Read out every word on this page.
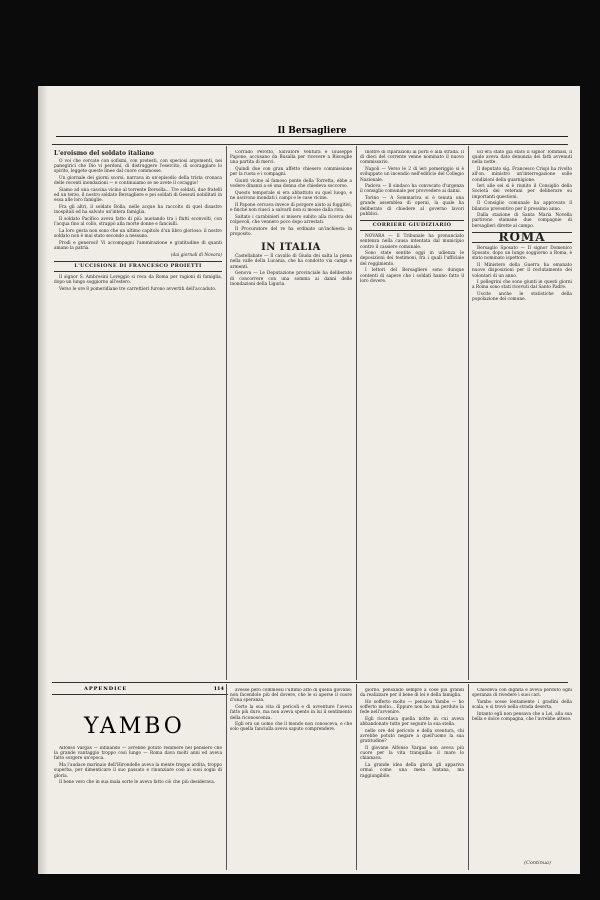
Il Bersagliere
L'eroismo del soldato italiano

O voi che cercate con sofismi, con pretesti, con speciosi argomenti, nei panegirici che Dio vi perdoni, di distruggere l'esercito, di scoraggiare lo spirito, leggete queste linee dal cuore commosse.

Un giornale dei giorni scorsi, narrava in un'episodio della trista cronaca delle recenti inondazioni — e continuiamo se ne avete il coraggio!

Siamo ad una cascina vicino al torrente Borsolla... Tre soldati, due fratelli ed un terzo, il nostro soldato Bersagliere e pei soldati di Gessuti nobilitati in essa alle loro famiglie.

Fra gli altri, il soldato Bolla, nelle acque ha raccolto di quel disastro inospitali ed ha salvato un'intera famiglia.

Il soldato Pacifico aveva fatto di più: nuotando tra i flutti sconvolti, con l'acqua fino al collo, strappò alla morte donne e fanciulli.

La loro gesta non sono che un ultimo capitolo d'un libro glorioso: il nostro soldato non è mai stato secondo a nessuno.

Prodi e generosi! Vi accompagni l'ammirazione e gratitudine di quanti amano la patria.

(dai giornali di Novara)
L'UCCISIONE DI FRANCESCO PROIETTI

Il signor S. Ambrosini Loreggio si reca da Roma per ragioni di famiglia, dopo un lungo soggiorno all'estero.

Verso le ore 8 pomeridiane tre carrettieri furono avvertiti dell'accaduto.

Corrado Perotto, Salvatore Ventura e Giuseppe Papone, accusano da Busalla per ricevere a Bisceglie una partita di merci.

Quindi due con gran affetto chiesero commissione per la ruota e i compagni.

Giunti vicino al famoso ponte della Torretta, ebbe a vedere dinanzi a sé una donna che chiedeva soccorso.

Questo temporale si era abbattuto su quel luogo, e ne uscirono inondati i campi e le case vicine.

Il Papone cercava invece di porgere aiuto ai fuggitivi, e finché non riuscì a salvarli non si mosse dalla riva.

Saltato i carabinieri si misero subito alla ricerca dei colpevoli, che vennero poco dopo arrestati.

Il Procuratore del re ha ordinato un'inchiesta in proposito.

IN ITALIA

Castellabate — Il cavallo di Giuda dei salta la piena nella valle della Lucania, che ha condotto via campi e armenti.

Genova — Le Deputazione provinciale ha deliberato di concorrere con una somma ai danni delle inondazioni della Liguria.

Inoltre di riparazioni ai porti e alla strada. Il dì dieci del corrente venne nominato il nuovo commissario.

Napoli — Verso le 2 di ieri pomeriggio si è sviluppato un incendio nell'edificio del Collegio Nazionale.

Padova — Il sindaco ha convocato d'urgenza il consiglio comunale per provvedere ai danni.

Torino — A Sommariva si è tenuta una grande assemblea di operai, la quale ha deliberato di chiedere al governo lavori pubblici.

CORRIERE GIUDIZIARIO

NOVARA — Il Tribunale ha pronunciato sentenza nella causa intentata dal municipio contro il cassiere comunale.

Sono state sentite oggi in udienza le deposizioni dei testimoni, fra i quali l'ufficiale del reggimento.

I lettori del Bersagliere sono dunque contenti di sapere che i soldati hanno fatto il loro dovere.

Ed era stato già stato il signor Tommasi, il quale aveva dato denunzia dei fatti avvenuti nella notte.

Il deputato sig. Francesco Crispi ha rivolto all'on. ministro un'interrogazione sulle condizioni della guarnigione.

Ieri alle sei si è riunito il Consiglio della Società dei veterani per deliberare su importanti questioni.

Il Consiglio comunale ha approvato il bilancio preventivo per il prossimo anno.

Dalla stazione di Santa Maria Novella partirono stamane due compagnie di bersaglieri dirette al campo.

ROMA

Bersaglio Sposato — Il signor Domenico Sposato, dopo un lungo soggiorno a Roma, è stato nominato ispettore.

Il Ministero della Guerra ha emanato nuove disposizioni per il reclutamento dei volontari di un anno.

I pellegrini che sono giunti in questi giorni a Roma sono stati ricevuti dal Santo Padre.

Uscite anche le statistiche della popolazione del comune.

APPENDICE	114
YAMBO

Alfonso Vargas — infiliando — avrebbe potuto redimere nel pensiero che la grande vantaggio troppo così lungo — Roma dava molti anni ed aveva fatto sorgere un'epoca.

Ma l'audace marinaio dell'Hirondelle aveva la mente troppo ardita, troppo superba, per dimenticare il suo passato e rinunziare così ai suoi sogni di gloria.

Il bene vero che in sua mala sorte le aveva fatto ciò che più desiderava.

avesse però commessi l'ultimo atto di quella giovane, non facendole più del dovere, che le si aperse il cuore d'una speranza.

Certo la sua vita di pericoli e di avventure l'aveva fatto più duro, ma non aveva spento in lui il sentimento della riconoscenza.

Egli era un uomo che il mondo non conosceva, e che solo quella fanciulla aveva saputo comprendere.

giorno, pensando sempre a cose più grandi da realizzare per il bene di lei e della famiglia.

Ho sofferto molto — pensava Yambo — ho sofferto molto... Eppure non ho mai perduto la fede nell'avvenire.

Egli ricordava quella notte in cui aveva abbandonato tutto per seguire la sua stella.

nelle ore del pericolo e della sventura, chi avrebbe potuto negare a quell'uomo la sua gratitudine?

Il giovane Alfonso Vargas non aveva più cuore per la vita tranquilla: il mare lo chiamava.

La grande idea della gloria gli appariva ormai come una meta lontana, ma raggiungibile.

Chiedeva con dignità e aveva perduto ogni speranza di rivedere i suoi cari.

Yambo scese lentamente i gradini della scala, e si trovò nella strada deserta.

Intanto egli non pensava che a Lei, alla sua bella e dolce compagna, che l'avrebbe atteso.

(Continua)
